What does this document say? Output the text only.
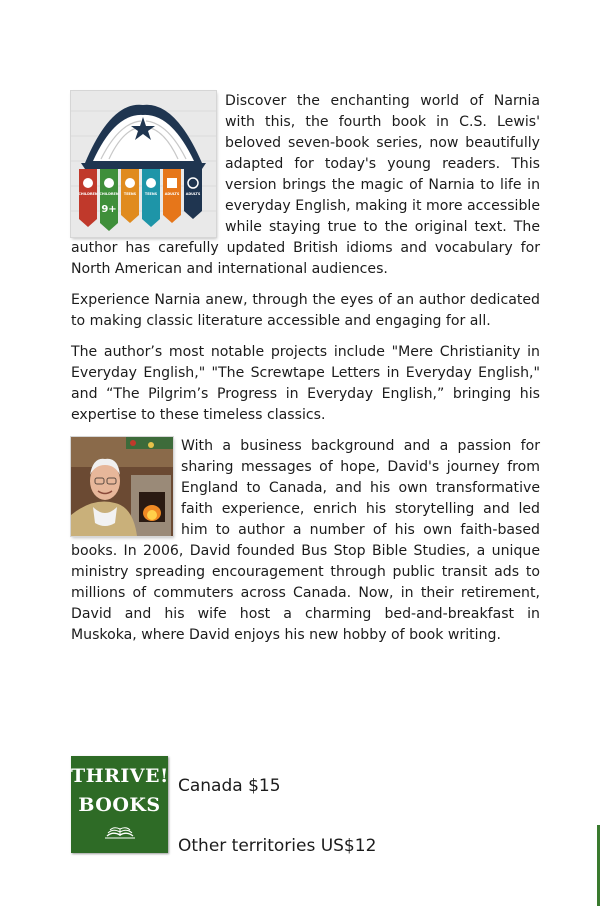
CHILDREN CHILDREN TEENS	TEENS ADULTS ADULTS
9+

Discover the enchanting world of Narnia with this, the fourth book in C.S. Lewis' beloved seven-book series, now beautifully adapted for today's young readers. This version brings the magic of Narnia to life in everyday English, making it more accessible while staying true to the original text. The author has carefully updated British idioms and vocabulary for North American and international audiences.

Experience Narnia anew, through the eyes of an author dedicated to making classic literature accessible and engaging for all.

The author’s most notable projects include "Mere Christianity in Everyday English," "The Screwtape Letters in Everyday English," and “The Pilgrim’s Progress in Everyday English,” bringing his expertise to these timeless classics.

With a business background and a passion for sharing messages of hope, David's journey from England to Canada, and his own transformative faith experience, enrich his storytelling and led him to author a number of his own faith-based books. In 2006, David founded Bus Stop Bible Studies, a unique ministry spreading encouragement through public transit ads to millions of commuters across Canada. Now, in their retirement, David and his wife host a charming bed-and-breakfast in Muskoka, where David enjoys his new hobby of book writing.

THRIVE!
BOOKS
Canada $15
Other territories US$12
